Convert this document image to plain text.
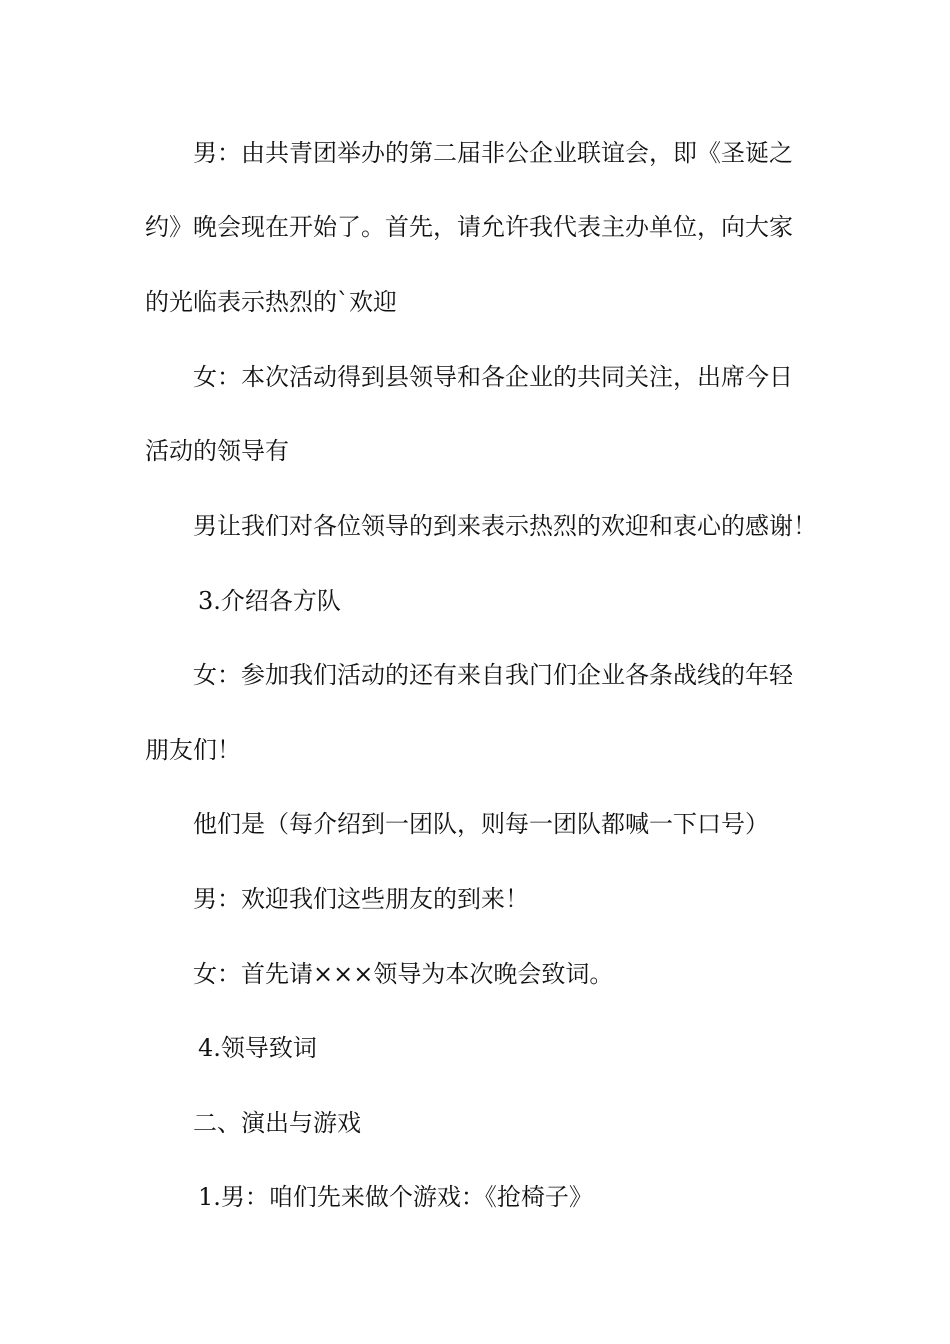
男：由共青团举办的第二届非公企业联谊会，即《圣诞之

约》晚会现在开始了。首先，请允许我代表主办单位，向大家

的光临表示热烈的`欢迎

女：本次活动得到县领导和各企业的共同关注，出席今日

活动的领导有

男让我们对各位领导的到来表示热烈的欢迎和衷心的感谢！

3.介绍各方队

女：参加我们活动的还有来自我门们企业各条战线的年轻

朋友们！

他们是（每介绍到一团队，则每一团队都喊一下口号）

男：欢迎我们这些朋友的到来！

女：首先请×××领导为本次晚会致词。

4.领导致词

二、演出与游戏

1.男：咱们先来做个游戏：《抢椅子》
